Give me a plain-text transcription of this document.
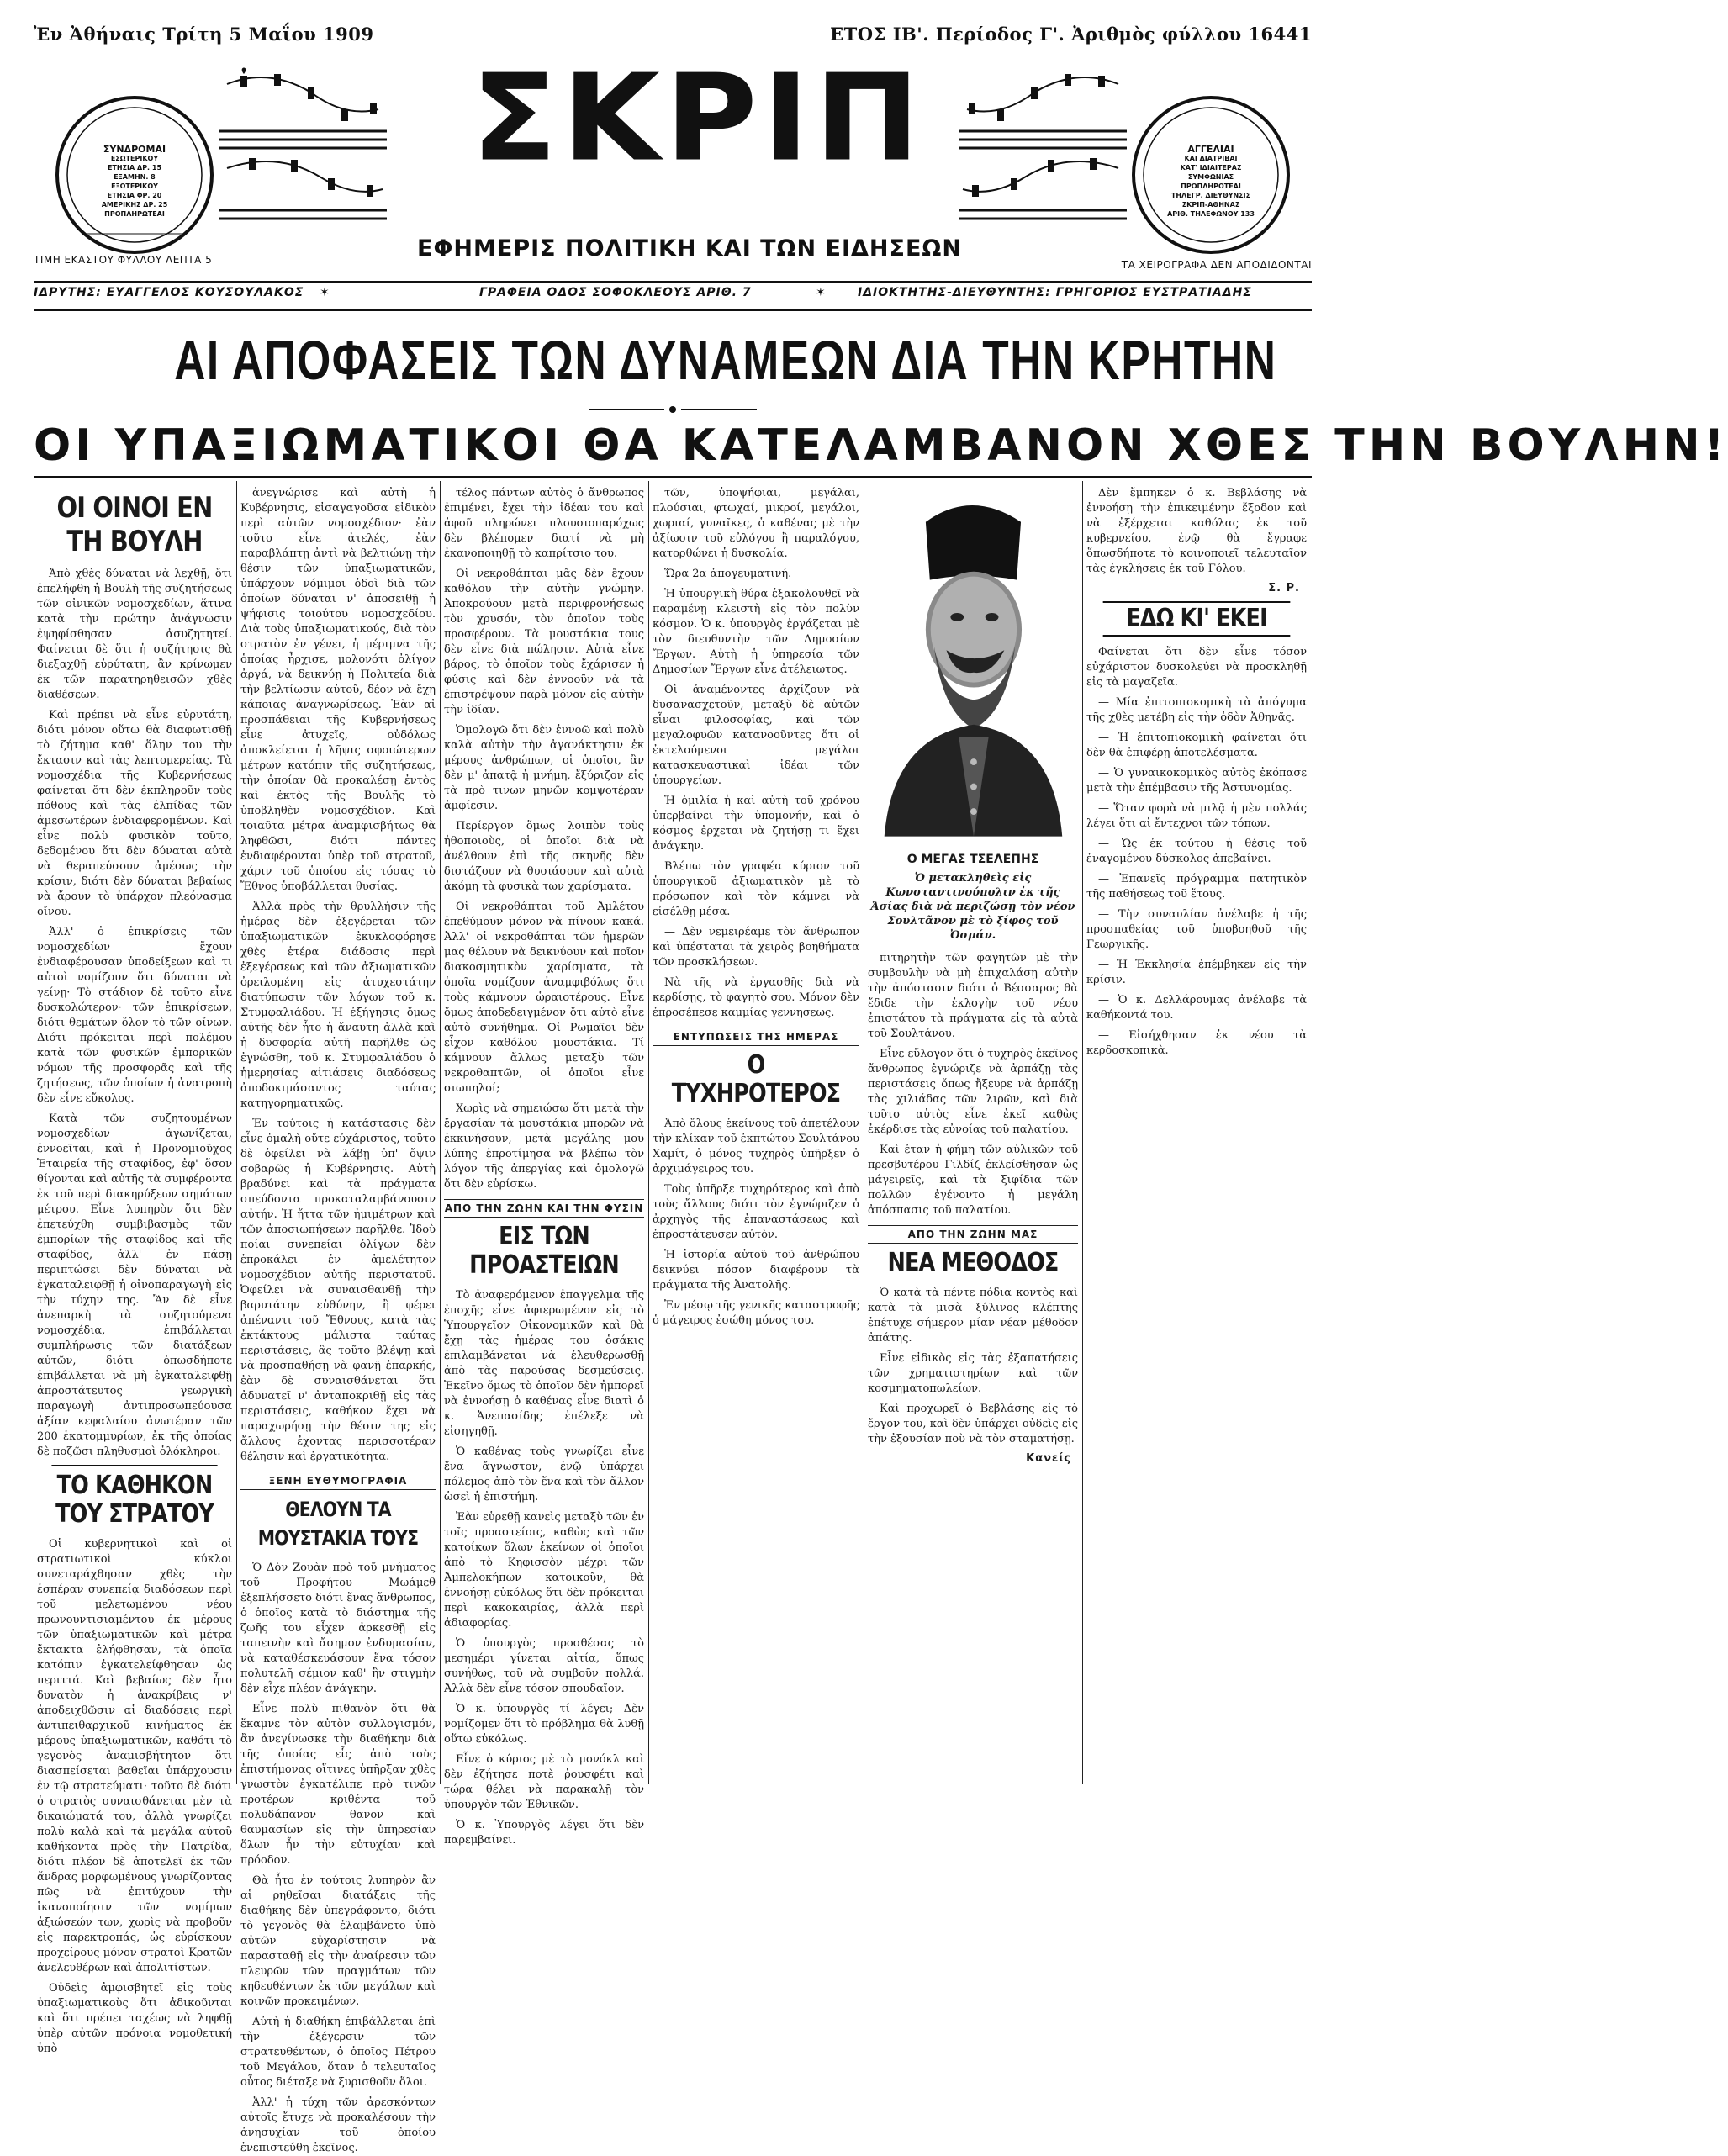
Ἐν Ἀθήναις Τρίτη 5 Μαΐου 1909	ΕΤΟΣ ΙΒ'. Περίοδος Γ'. Ἀριθμὸς φύλλου 16441
ΣΥΝΔΡΟΜΑΙ
ΕΣΩΤΕΡΙΚΟΥ
ΕΤΗΣΙΑ ΔΡ. 15
ΕΞΑΜΗΝ. 8
ΕΞΩΤΕΡΙΚΟΥ
ΕΤΗΣΙΑ ΦΡ. 20
ΑΜΕΡΙΚΗΣ ΔΡ. 25
ΠΡΟΠΛΗΡΩΤΕΑΙ
ΣΚΡΙΠ	ΑΓΓΕΛΙΑΙ
ΚΑΙ ΔΙΑΤΡΙΒΑΙ
ΚΑΤ' ΙΔΙΑΙΤΕΡΑΣ
ΣΥΜΦΩΝΙΑΣ
ΠΡΟΠΛΗΡΩΤΕΑΙ
ΤΗΛΕΓΡ. ΔΙΕΥΘΥΝΣΙΣ
ΣΚΡΙΠ-ΑΘΗΝΑΣ
ΑΡΙΘ. ΤΗΛΕΦΩΝΟΥ 133
ΕΦΗΜΕΡΙΣ ΠΟΛΙΤΙΚΗ ΚΑΙ ΤΩΝ ΕΙΔΗΣΕΩΝ
ΤΙΜΗ ΕΚΑΣΤΟΥ ΦΥΛΛΟΥ ΛΕΠΤΑ 5	ΤΑ ΧΕΙΡΟΓΡΑΦΑ ΔΕΝ ΑΠΟΔΙΔΟΝΤΑΙ
ΙΔΡΥΤΗΣ: ΕΥΑΓΓΕΛΟΣ ΚΟΥΣΟΥΛΑΚΟΣ ✶	ΓΡΑΦΕΙΑ ΟΔΟΣ ΣΟΦΟΚΛΕΟΥΣ ΑΡΙΘ. 7	✶	ΙΔΙΟΚΤΗΤΗΣ-ΔΙΕΥΘΥΝΤΗΣ: ΓΡΗΓΟΡΙΟΣ ΕΥΣΤΡΑΤΙΑΔΗΣ
ΑΙ ΑΠΟΦΑΣΕΙΣ ΤΩΝ ΔΥΝΑΜΕΩΝ ΔΙΑ ΤΗΝ ΚΡΗΤΗΝ
ΟΙ ΥΠΑΞΙΩΜΑΤΙΚΟΙ ΘΑ ΚΑΤΕΛΑΜΒΑΝΟΝ ΧΘΕΣ ΤΗΝ ΒΟΥΛΗΝ!
ΟΙ ΟΙΝΟΙ ΕΝ ΤΗ ΒΟΥΛΗ

Ἀπὸ χθὲς δύναται νὰ λεχθῇ, ὅτι ἐπελήφθη ἡ Βουλὴ τῆς συζητήσεως τῶν οἰνικῶν νομοσχεδίων, ἅτινα κατὰ τὴν πρώτην ἀνάγνωσιν ἐψηφίσθησαν ἀσυζητητεί. Φαίνεται δὲ ὅτι ἡ συζήτησις θὰ διεξαχθῇ εὐρύτατη, ἂν κρίνωμεν ἐκ τῶν παρατηρηθεισῶν χθὲς διαθέσεων.

Καὶ πρέπει νὰ εἶνε εὐρυτάτη, διότι μόνον οὕτω θὰ διαφωτισθῇ τὸ ζήτημα καθ' ὅλην του τὴν ἔκτασιν καὶ τὰς λεπτομερείας. Τὰ νομοσχέδια τῆς Κυβερνήσεως φαίνεται ὅτι δὲν ἐκπληροῦν τοὺς πόθους καὶ τὰς ἐλπίδας τῶν ἀμεσωτέρων ἐνδιαφερομένων. Καὶ εἶνε πολὺ φυσικὸν τοῦτο, δεδομένου ὅτι δὲν δύναται αὐτὰ νὰ θεραπεύσουν ἀμέσως τὴν κρίσιν, διότι δὲν δύναται βεβαίως νὰ ἄρουν τὸ ὑπάρχον πλεόνασμα οἴνου.

Ἀλλ' ὁ ἐπικρίσεις τῶν νομοσχεδίων ἔχουν ἐνδιαφέρουσαν ὑποδείξεων καὶ τι αὐτοὶ νομίζουν ὅτι δύναται νὰ γείνῃ· Τὸ στάδιον δὲ τοῦτο εἶνε δυσκολώτερον· τῶν ἐπικρίσεων, διότι θεμάτων ὅλον τὸ τῶν οἴνων. Διότι πρόκειται περὶ πολέμου κατὰ τῶν φυσικῶν ἐμπορικῶν νόμων τῆς προσφορᾶς καὶ τῆς ζητήσεως, τῶν ὁποίων ἡ ἀνατροπὴ δὲν εἶνε εὔκολος.

Κατὰ τῶν συζητουμένων νομοσχεδίων ἀγωνίζεται, ἐννοεῖται, καὶ ἡ Προνομιοῦχος Ἑταιρεία τῆς σταφίδος, ἐφ' ὅσον θίγονται καὶ αὐτῆς τὰ συμφέροντα ἐκ τοῦ περὶ διακηρύξεων σημάτων μέτρου. Εἶνε λυπηρὸν ὅτι δὲν ἐπετεύχθη συμβιβασμὸς τῶν ἐμπορίων τῆς σταφίδος καὶ τῆς σταφίδος, ἀλλ' ἐν πάσῃ περιπτώσει δὲν δύναται νὰ ἐγκαταλειφθῇ ἡ οἰνοπαραγωγὴ εἰς τὴν τύχην της. Ἂν δὲ εἶνε ἀνεπαρκὴ τὰ συζητούμενα νομοσχέδια, ἐπιβάλλεται συμπλήρωσις τῶν διατάξεων αὐτῶν, διότι ὁπωσδήποτε ἐπιβάλλεται νὰ μὴ ἐγκαταλειφθῇ ἀπροστάτευτος γεωργικὴ παραγωγὴ ἀντιπροσωπεύουσα ἀξίαν κεφαλαίου ἀνωτέραν τῶν 200 ἑκατομμυρίων, ἐκ τῆς ὁποίας δὲ ποζῶσι πληθυσμοὶ ὁλόκληροι.

ΤΟ ΚΑΘΗΚΟΝ ΤΟΥ ΣΤΡΑΤΟΥ

Οἱ κυβερνητικοὶ καὶ οἱ στρατιωτικοὶ κύκλοι συνεταράχθησαν χθὲς τὴν ἑσπέραν συνεπείᾳ διαδόσεων περὶ τοῦ μελετωμένου νέου πρωνουντισιαμέντου ἐκ μέρους τῶν ὑπαξιωματικῶν καὶ μέτρα ἔκτακτα ἐλήφθησαν, τὰ ὁποῖα κατόπιν ἐγκατελείφθησαν ὡς περιττά. Καὶ βεβαίως δὲν ἦτο δυνατὸν ἡ ἀνακρίβεις ν' ἀποδειχθῶσιν αἱ διαδόσεις περὶ ἀντιπειθαρχικοῦ κινήματος ἐκ μέρους ὑπαξιωματικῶν, καθότι τὸ γεγονὸς ἀναμισβήτητον ὅτι διασπείσεται βαθεῖαι ὑπάρχουσιν ἐν τῷ στρατεύματι· τοῦτο δὲ διότι ὁ στρατὸς συναισθάνεται μὲν τὰ δικαιώματά του, ἀλλὰ γνωρίζει πολὺ καλὰ καὶ τὰ μεγάλα αὐτοῦ καθήκοντα πρὸς τὴν Πατρίδα, διότι πλέον δὲ ἀποτελεῖ ἐκ τῶν ἄνδρας μορφωμένους γνωρίζοντας πῶς νὰ ἐπιτύχουν τὴν ἱκανοποίησιν τῶν νομίμων ἀξιώσεών των, χωρὶς νὰ προβοῦν εἰς παρεκτροπάς, ὡς εὑρίσκουν προχείρους μόνον στρατοὶ Κρατῶν ἀνελευθέρων καὶ ἀπολιτίστων.

Οὐδεὶς ἀμφισβητεῖ εἰς τοὺς ὑπαξιωματικοὺς ὅτι ἀδικοῦνται καὶ ὅτι πρέπει ταχέως νὰ ληφθῇ ὑπὲρ αὐτῶν πρόνοια νομοθετική ὑπὸ

ἀνεγνώρισε καὶ αὐτὴ ἡ Κυβέρνησις, εἰσαγαγοῦσα εἰδικὸν περὶ αὐτῶν νομοσχέδιον· ἐὰν τοῦτο εἶνε ἀτελές, ἐὰν παραβλάπτῃ ἀντὶ νὰ βελτιώνῃ τὴν θέσιν τῶν ὑπαξιωματικῶν, ὑπάρχουν νόμιμοι ὁδοὶ διὰ τῶν ὁποίων δύναται ν' ἀποσειθῇ ἡ ψήφισις τοιούτου νομοσχεδίου. Διὰ τοὺς ὑπαξιωματικούς, διὰ τὸν στρατὸν ἐν γένει, ἡ μέριμνα τῆς ὁποίας ἦρχισε, μολονότι ὀλίγον ἀργά, νὰ δεικνύῃ ἡ Πολιτεία διὰ τὴν βελτίωσιν αὐτοῦ, δέον νὰ ἔχῃ κάποιας ἀναγνωρίσεως. Ἐὰν αἱ προσπάθειαι τῆς Κυβερνήσεως εἶνε ἀτυχεῖς, οὐδόλως ἀποκλείεται ἡ λῆψις σφοιώτερων μέτρων κατόπιν τῆς συζητήσεως, τὴν ὁποίαν θὰ προκαλέσῃ ἐντὸς καὶ ἐκτὸς τῆς Βουλῆς τὸ ὑποβληθὲν νομοσχέδιον. Καὶ τοιαῦτα μέτρα ἀναμφισβήτως θὰ ληφθῶσι, διότι πάντες ἐνδιαφέρονται ὑπὲρ τοῦ στρατοῦ, χάριν τοῦ ὁποίου εἰς τόσας τὸ Ἔθνος ὑποβάλλεται θυσίας.

Ἀλλὰ πρὸς τὴν θρυλλήσιν τῆς ἡμέρας δὲν ἐξεγέρεται τῶν ὑπαξιωματικῶν ἐκυκλοφόρησε χθὲς ἑτέρα διάδοσις περὶ ἐξεγέρσεως καὶ τῶν ἀξιωματικῶν ὀρειλομένη εἰς ἀτυχεστάτην διατύπωσιν τῶν λόγων τοῦ κ. Στυμφαλιάδου. Ἡ ἐξήγησις ὅμως αὐτῆς δὲν ἦτο ἡ ἄναυτη ἀλλὰ καὶ ἡ δυσφορία αὐτῆ παρῆλθε ὡς ἐγνώσθη, τοῦ κ. Στυμφαλιάδου ὁ ἡμερησίας αἰτιάσεις διαδόσεως ἀποδοκιμάσαντος ταύτας κατηγορηματικῶς.

Ἐν τούτοις ἡ κατάστασις δὲν εἶνε ὁμαλὴ οὔτε εὐχάριστος, τοῦτο δὲ ὀφείλει νὰ λάβῃ ὑπ' ὄψιν σοβαρῶς ἡ Κυβέρνησις. Αὐτὴ βραδύνει καὶ τὰ πράγματα σπεύδοντα προκαταλαμβάνουσιν αὐτήν. Ἡ ἥττα τῶν ἠμιμέτρων καὶ τῶν ἀποσιωπήσεων παρῆλθε. Ἰδοὺ ποίαι συνεπείαι ὀλίγων δὲν ἐπροκάλει ἐν ἀμελέτητον νομοσχέδιον αὐτῆς περιστατοῦ. Ὀφείλει νὰ συναισθανθῇ τὴν βαρυτάτην εὐθύνην, ἢ φέρει ἀπέναντι τοῦ Ἔθνους, κατὰ τὰς ἐκτάκτους μάλιστα ταύτας περιστάσεις, ἂς τοῦτο βλέψῃ καὶ νὰ προσπαθήσῃ νὰ φανῇ ἐπαρκής, ἐὰν δὲ συναισθάνεται ὅτι ἀδυνατεῖ ν' ἀνταποκριθῇ εἰς τὰς περιστάσεις, καθήκον ἔχει νὰ παραχωρήσῃ τὴν θέσιν της εἰς ἄλλους ἐχοντας περισσοτέραν θέλησιν καὶ ἐργατικότητα.

ΞΕΝΗ ΕΥΘΥΜΟΓΡΑΦΙΑ
ΘΕΛΟΥΝ ΤΑ ΜΟΥΣΤΑΚΙΑ ΤΟΥΣ

Ὁ Δὸν Ζουὰν πρὸ τοῦ μνήματος τοῦ Προφήτου Μωάμεθ ἐξεπλήσσετο διότι ἕνας ἄνθρωπος, ὁ ὁποῖος κατὰ τὸ διάστημα τῆς ζωῆς του εἶχεν ἀρκεσθῇ εἰς ταπεινὴν καὶ ἄσημον ἐνδυμασίαν, νὰ καταθέσκευάσουν ἕνα τόσον πολυτελῆ σέμιον καθ' ἣν στιγμὴν δὲν εἶχε πλέον ἀνάγκην.

Εἶνε πολὺ πιθανὸν ὅτι θὰ ἔκαμνε τὸν αὐτὸν συλλογισμόν, ἂν ἀνεγίνωσκε τὴν διαθήκην διὰ τῆς ὁποίας εἷς ἀπὸ τοὺς ἐπιστήμονας οἵτινες ὑπῆρξαν χθὲς γνωστὸν ἐγκατέλιπε πρὸ τινῶν προτέρων κριθέντα τοῦ πολυδάπανον θανον καὶ θαυμασίων εἰς τὴν ὑπηρεσίαν ὅλων ἦν τὴν εὐτυχίαν καὶ πρόοδον.

Θὰ ἦτο ἐν τούτοις λυπηρὸν ἂν αἱ ρηθεῖσαι διατάξεις τῆς διαθήκης δὲν ὑπεγράφοντο, διότι τὸ γεγονὸς θὰ ἐλαμβάνετο ὑπὸ αὐτῶν εὐχαρίστησιν νὰ παρασταθῇ εἰς τὴν ἀναίρεσιν τῶν πλευρῶν τῶν πραγμάτων τῶν κηδευθέντων ἐκ τῶν μεγάλων καὶ κοινῶν προκειμένων.

Αὐτὴ ἡ διαθήκη ἐπιβάλλεται ἐπὶ τὴν ἐξέγερσιν τῶν στρατευθέντων, ὁ ὁποῖος Πέτρου τοῦ Μεγάλου, ὅταν ὁ τελευταῖος οὗτος διέταξε νὰ ξυρισθοῦν ὅλοι.

Ἀλλ' ἡ τύχη τῶν ἀρεσκόντων αὐτοῖς ἔτυχε νὰ προκαλέσουν τὴν ἀνησυχίαν τοῦ ὁποίου ἐνεπιστεύθη ἐκεῖνος.

τέλος πάντων αὐτὸς ὁ ἄνθρωπος ἐπιμένει, ἔχει τὴν ἰδέαν του καὶ ἀφοῦ πληρώνει πλουσιοπαρόχως δὲν βλέπομεν διατί νὰ μὴ ἐκανοποιηθῇ τὸ καπρίτσιο του.

Οἱ νεκροθάπται μᾶς δὲν ἔχουν καθόλου τὴν αὐτὴν γνώμην. Ἀποκρούουν μετὰ περιφρονήσεως τὸν χρυσόν, τὸν ὁποῖον τοὺς προσφέρουν. Τὰ μουστάκια τους δὲν εἶνε διὰ πώλησιν. Αὐτὰ εἶνε βάρος, τὸ ὁποῖον τοὺς ἔχάρισεν ἡ φύσις καὶ δὲν ἐννοοῦν νὰ τὰ ἐπιστρέψουν παρὰ μόνον εἰς αὐτὴν τὴν ἰδίαν.

Ὁμολογῶ ὅτι δὲν ἐννοῶ καὶ πολὺ καλὰ αὐτὴν τὴν ἀγανάκτησιν ἐκ μέρους ἀνθρώπων, οἱ ὁποῖοι, ἂν δὲν μ' ἀπατᾷ ἡ μνήμη, ἔξύριζον εἰς τὰ πρὸ τινων μηνῶν κομψοτέραν ἀμφίεσιν.

Περίεργον ὅμως λοιπὸν τοὺς ἠθοποιοὺς, οἱ ὁποῖοι διὰ νὰ ἀνέλθουν ἐπὶ τῆς σκηνῆς δὲν διστάζουν νὰ θυσιάσουν καὶ αὐτὰ ἀκόμη τὰ φυσικὰ των χαρίσματα.

Οἱ νεκροθάπται τοῦ Ἀμλέτου ἐπεθύμουν μόνον νὰ πίνουν κακά. Ἀλλ' οἱ νεκροθάπται τῶν ἡμερῶν μας θέλουν νὰ δεικνύουν καὶ ποῖον διακοσμητικὸν χαρίσματα, τὰ ὁποῖα νομίζουν ἀναμφιβόλως ὅτι τοὺς κάμνουν ὡραιοτέρους. Εἶνε ὅμως ἀποδεδειγμένον ὅτι αὐτὸ εἶνε αὐτὸ συνήθημα. Οἱ Ρωμαῖοι δὲν εἶχον καθόλου μουστάκια. Τί κάμνουν ἄλλως μεταξὺ τῶν νεκροθαπτῶν, οἱ ὁποῖοι εἶνε σιωπηλοί;

Χωρὶς νὰ σημειώσω ὅτι μετὰ τὴν ἔργασίαν τὰ μουστάκια μπορῶν νὰ ἐκκινήσουν, μετὰ μεγάλης μου λύπης ἐπροτίμησα νὰ βλέπω τὸν λόγον τῆς ἀπεργίας καὶ ὁμολογῶ ὅτι δὲν εὑρίσκω.

ΑΠΟ ΤΗΝ ΖΩΗΝ ΚΑΙ ΤΗΝ ΦΥΣΙΝ
ΕΙΣ ΤΩΝ ΠΡΟΑΣΤΕΙΩΝ

Τὸ ἀναφερόμενον ἐπαγγελμα τῆς ἐποχῆς εἶνε ἀφιερωμένον εἰς τὸ Ὑπουργεῖον Οἰκονομικῶν καὶ θὰ ἔχῃ τὰς ἡμέρας του ὁσάκις ἐπιλαμβάνεται νὰ ἐλευθερωσθῇ ἀπὸ τὰς παρούσας δεσμεύσεις. Ἐκεῖνο ὅμως τὸ ὁποῖον δὲν ἠμπορεῖ νὰ ἐννοήσῃ ὁ καθένας εἶνε διατὶ ὁ κ. Ἀνεπασίδης ἐπέλεξε νὰ εἰσηγηθῇ.

Ὁ καθένας τοὺς γνωρίζει εἶνε ἕνα ἄγνωστον, ἐνῷ ὑπάρχει πόλεμος ἀπὸ τὸν ἕνα καὶ τὸν ἄλλον ὡσεὶ ἡ ἐπιστήμη.

Ἐὰν εὑρεθῇ κανεὶς μεταξὺ τῶν ἐν τοῖς προαστείοις, καθὼς καὶ τῶν κατοίκων ὅλων ἐκείνων οἱ ὁποῖοι ἀπὸ τὸ Κηφισσὸν μέχρι τῶν Ἀμπελοκήπων κατοικοῦν, θὰ ἐννοήσῃ εὐκόλως ὅτι δὲν πρόκειται περὶ κακοκαιρίας, ἀλλὰ περὶ ἀδιαφορίας.

Ὁ ὑπουργὸς προσθέσας τὸ μεσημέρι γίνεται αἰτία, ὅπως συνήθως, τοῦ νὰ συμβοῦν πολλά. Ἀλλὰ δὲν εἶνε τόσον σπουδαῖον.

Ὁ κ. ὑπουργὸς τί λέγει; Δὲν νομίζομεν ὅτι τὸ πρόβλημα θὰ λυθῇ οὕτω εὐκόλως.

Εἶνε ὁ κύριος μὲ τὸ μονόκλ καὶ δὲν ἐζήτησε ποτὲ ῥουσφέτι καὶ τώρα θέλει νὰ παρακαλῇ τὸν ὑπουργὸν τῶν Ἐθνικῶν.

Ὁ κ. Ὑπουργὸς λέγει ὅτι δὲν παρεμβαίνει.

τῶν, ὑποψήφιαι, μεγάλαι, πλούσιαι, φτωχαί, μικροί, μεγάλοι, χωριαί, γυναῖκες, ὁ καθένας μὲ τὴν ἀξίωσιν τοῦ εὐλόγου ἢ παραλόγου, κατορθώνει ἡ δυσκολία.

Ὥρα 2α ἀπογευματινή.

Ἡ ὑπουργικὴ θύρα ἐξακολουθεῖ νὰ παραμένῃ κλειστὴ εἰς τὸν πολὺν κόσμον. Ὁ κ. ὑπουργὸς ἐργάζεται μὲ τὸν διευθυντὴν τῶν Δημοσίων Ἔργων. Αὐτὴ ἡ ὑπηρεσία τῶν Δημοσίων Ἔργων εἶνε ἀτέλειωτος.

Οἱ ἀναμένοντες ἀρχίζουν νὰ δυσανασχετοῦν, μεταξὺ δὲ αὐτῶν εἷναι φιλοσοφίας, καὶ τῶν μεγαλοφυῶν κατανοοῦντες ὅτι οἱ ἐκτελούμενοι μεγάλοι κατασκευαστικαὶ ἰδέαι τῶν ὑπουργείων.

Ἡ ὁμιλία ἡ καὶ αὐτὴ τοῦ χρόνου ὑπερβαίνει τὴν ὑπομονήν, καὶ ὁ κόσμος ἐρχεται νὰ ζητήσῃ τι ἔχει ἀνάγκην.

Βλέπω τὸν γραφέα κύριον τοῦ ὑπουργικοῦ ἀξιωματικὸν μὲ τὸ πρόσωπον καὶ τὸν κάμνει νὰ εἰσέλθῃ μέσα.

— Δὲν νεμειρέαμε τὸν ἄνθρωπον καὶ ὑπέσταται τὰ χειρὸς βοηθήματα τῶν προσκλήσεων.

Νὰ τῆς νὰ ἐργασθῆς διὰ νὰ κερδίσῃς, τὸ φαγητὸ σου. Μόνον δὲν ἐπροσέπεσε καμμίας γεννησεως.

ΕΝΤΥΠΩΣΕΙΣ ΤΗΣ ΗΜΕΡΑΣ
Ο ΤΥΧΗΡΟΤΕΡΟΣ

Ἀπὸ ὅλους ἐκείνους τοῦ ἀπετέλουν τὴν κλίκαν τοῦ ἐκπτώτου Σουλτάνου Χαμίτ, ὁ μόνος τυχηρὸς ὑπῆρξεν ὁ ἀρχιμάγειρος του.

Τοὺς ὑπῆρξε τυχηρότερος καὶ ἀπὸ τοὺς ἄλλους διότι τὸν ἐγνώριζεν ὁ ἀρχηγὸς τῆς ἐπαναστάσεως καὶ ἐπροστάτευσεν αὐτὸν.

Ἡ ἱστορία αὐτοῦ τοῦ ἀνθρώπου δεικνύει πόσον διαφέρουν τὰ πράγματα τῆς Ἀνατολῆς.

Ἐν μέσῳ τῆς γενικῆς καταστροφῆς ὁ μάγειρος ἐσώθη μόνος του.

Ο ΜΕΓΑΣ ΤΣΕΛΕΠΗΣ
Ὁ μετακληθεὶς εἰς Κωνσταντινούπολιν ἐκ τῆς Ἀσίας διὰ νὰ περιζώσῃ τὸν νέον Σουλτᾶνον μὲ τὸ ξίφος τοῦ Ὀσμάν.

πιτηρητὴν τῶν φαγητῶν μὲ τὴν συμβουλὴν νὰ μὴ ἐπιχαλάσῃ αὐτὴν τὴν ἀπόστασιν διότι ὁ Βέσσαρος θὰ ἔδιδε τὴν ἐκλογὴν τοῦ νέου ἐπιστάτου τὰ πράγματα εἰς τὰ αὐτὰ τοῦ Σουλτάνου.

Εἶνε εὔλογον ὅτι ὁ τυχηρὸς ἐκεῖνος ἄνθρωπος ἐγνώριζε νὰ ἀρπάζῃ τὰς περιστάσεις ὅπως ἤξευρε νὰ ἁρπάζῃ τὰς χιλιάδας τῶν λιρῶν, καὶ διὰ τοῦτο αὐτὸς εἶνε ἐκεῖ καθὼς ἐκέρδισε τὰς εὐνοίας τοῦ παλατίου.

Καὶ ἐταν ἡ φήμη τῶν αὐλικῶν τοῦ πρεσβυτέρου Γιλδίζ ἐκλείσθησαν ὡς μάγειρεῖς, καὶ τὰ ξιφίδια τῶν πολλῶν ἐγένοντο ἡ μεγάλη ἀπόσπασις τοῦ παλατίου.

ΑΠΟ ΤΗΝ ΖΩΗΝ ΜΑΣ
ΝΕΑ ΜΕΘΟΔΟΣ

Ὁ κατὰ τὰ πέντε πόδια κοντὸς καὶ κατὰ τὰ μισὰ ξύλινος κλέπτης ἐπέτυχε σήμερον μίαν νέαν μέθοδον ἀπάτης.

Εἶνε εἰδικὸς εἰς τὰς ἐξαπατήσεις τῶν χρηματιστηρίων καὶ τῶν κοσμηματοπωλείων.

Καὶ προχωρεῖ ὁ Βεβλάσης εἰς τὸ ἔργον του, καὶ δὲν ὑπάρχει οὐδεὶς εἰς τὴν ἐξουσίαν ποὺ νὰ τὸν σταματήσῃ.

Κανείς

Δὲν ἔμπηκεν ὁ κ. Βεβλάσης νὰ ἐννοήσῃ τὴν ἐπικειμένην ἔξοδον καὶ νὰ ἐξέρχεται καθόλας ἐκ τοῦ κυβερνείου, ἐνῷ θὰ ἔγραφε ὅπωσδήποτε τὸ κοινοποιεῖ τελευταῖον τὰς ἐγκλήσεις ἐκ τοῦ Γόλου.

Σ. Ρ.
ΕΔΩ ΚΙ' ΕΚΕΙ

Φαίνεται ὅτι δὲν εἶνε τόσον εὐχάριστον δυσκολεύει νὰ προσκληθῇ εἰς τὰ μαγαζεῖα.

— Μία ἐπιτοπιοκομικὴ τὰ ἀπόγυμα τῆς χθὲς μετέβη εἰς τὴν ὁδὸν Ἀθηνᾶς.

— Ἡ ἐπιτοπιοκομικὴ φαίνεται ὅτι δὲν θὰ ἐπιφέρῃ ἀποτελέσματα.

— Ὁ γυναικοκομικὸς αὐτὸς ἐκόπασε μετὰ τὴν ἐπέμβασιν τῆς Ἀστυνομίας.

— Ὅταν φορὰ νὰ μιλᾷ ἡ μὲν πολλάς λέγει ὅτι αἱ ἔντεχνοι τῶν τόπων.

— Ὡς ἐκ τούτου ἡ θέσις τοῦ ἐναγομένου δύσκολος ἀπεβαίνει.

— Ἐπανεῖς πρόγραμμα πατητικὸν τῆς παθήσεως τοῦ ἔτους.

— Τὴν συναυλίαν ἀνέλαβε ἡ τῆς προσπαθείας τοῦ ὑποβοηθοῦ τῆς Γεωργικῆς.

— Ἡ Ἐκκλησία ἐπέμβηκεν εἰς τὴν κρίσιν.

— Ὁ κ. Δελλάρουμας ἀνέλαβε τὰ καθήκοντά του.

— Εἰσήχθησαν ἐκ νέου τὰ κερδοσκοπικὰ.
